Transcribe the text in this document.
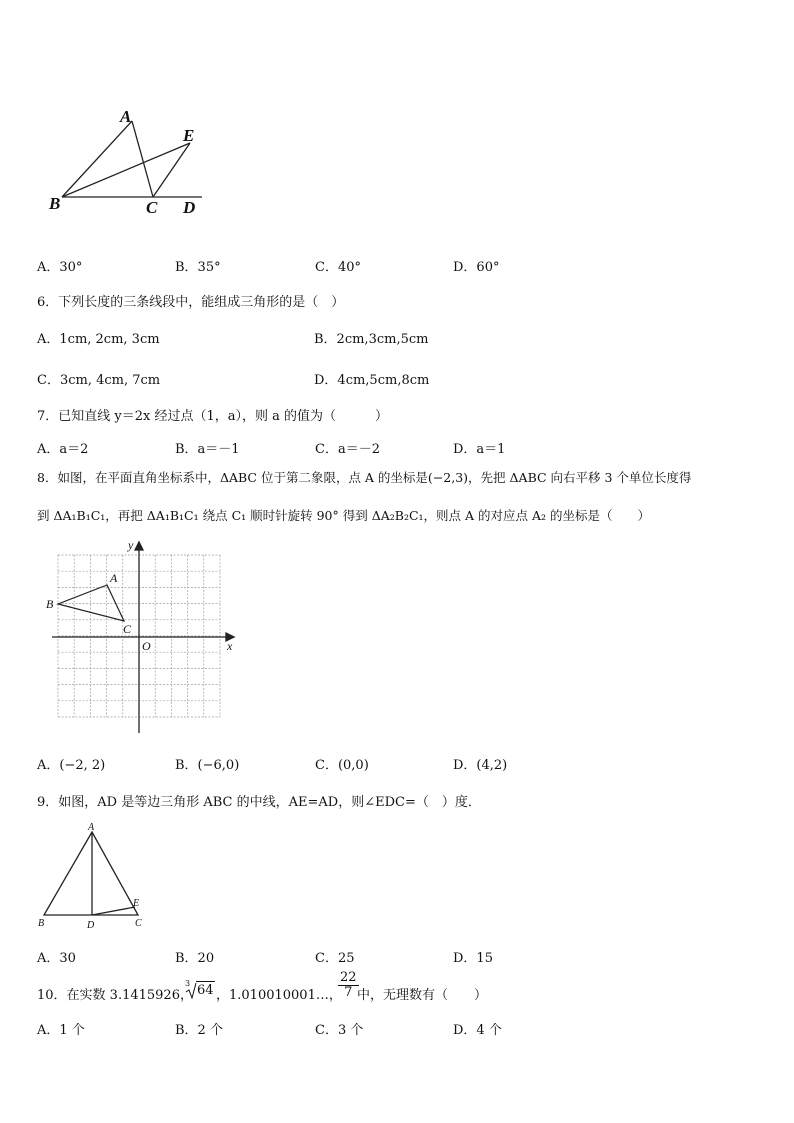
A
E
B	C D
A．30°	B．35°	C．40°	D．60°
6．下列长度的三条线段中，能组成三角形的是（　）
A．1cm, 2cm, 3cm	B．2cm,3cm,5cm
C．3cm, 4cm, 7cm	D．4cm,5cm,8cm
7．已知直线 y＝2x 经过点（1，a），则 a 的值为（　　　）
A．a＝2	B．a＝－1	C．a＝－2	D．a＝1
8．如图，在平面直角坐标系中，ΔABC 位于第二象限，点 A 的坐标是(−2,3)，先把 ΔABC 向右平移 3 个单位长度得
到 ΔA₁B₁C₁，再把 ΔA₁B₁C₁ 绕点 C₁ 顺时针旋转 90° 得到 ΔA₂B₂C₁，则点 A 的对应点 A₂ 的坐标是（　　）
A
B
C
O	x
y
A．(−2, 2)	B．(−6,0)	C．(0,0)	D．(4,2)
9．如图，AD 是等边三角形 ABC 的中线，AE=AD，则∠EDC=（　）度．
A
B	D	C
E
A．30	B．20	C．25	D．15
10．在实数 3.1415926，
3 64 ，1.010010001…，
$\frac{22}{7}$
中，无理数有（　　）
A．1 个	B．2 个	C．3 个	D．4 个
